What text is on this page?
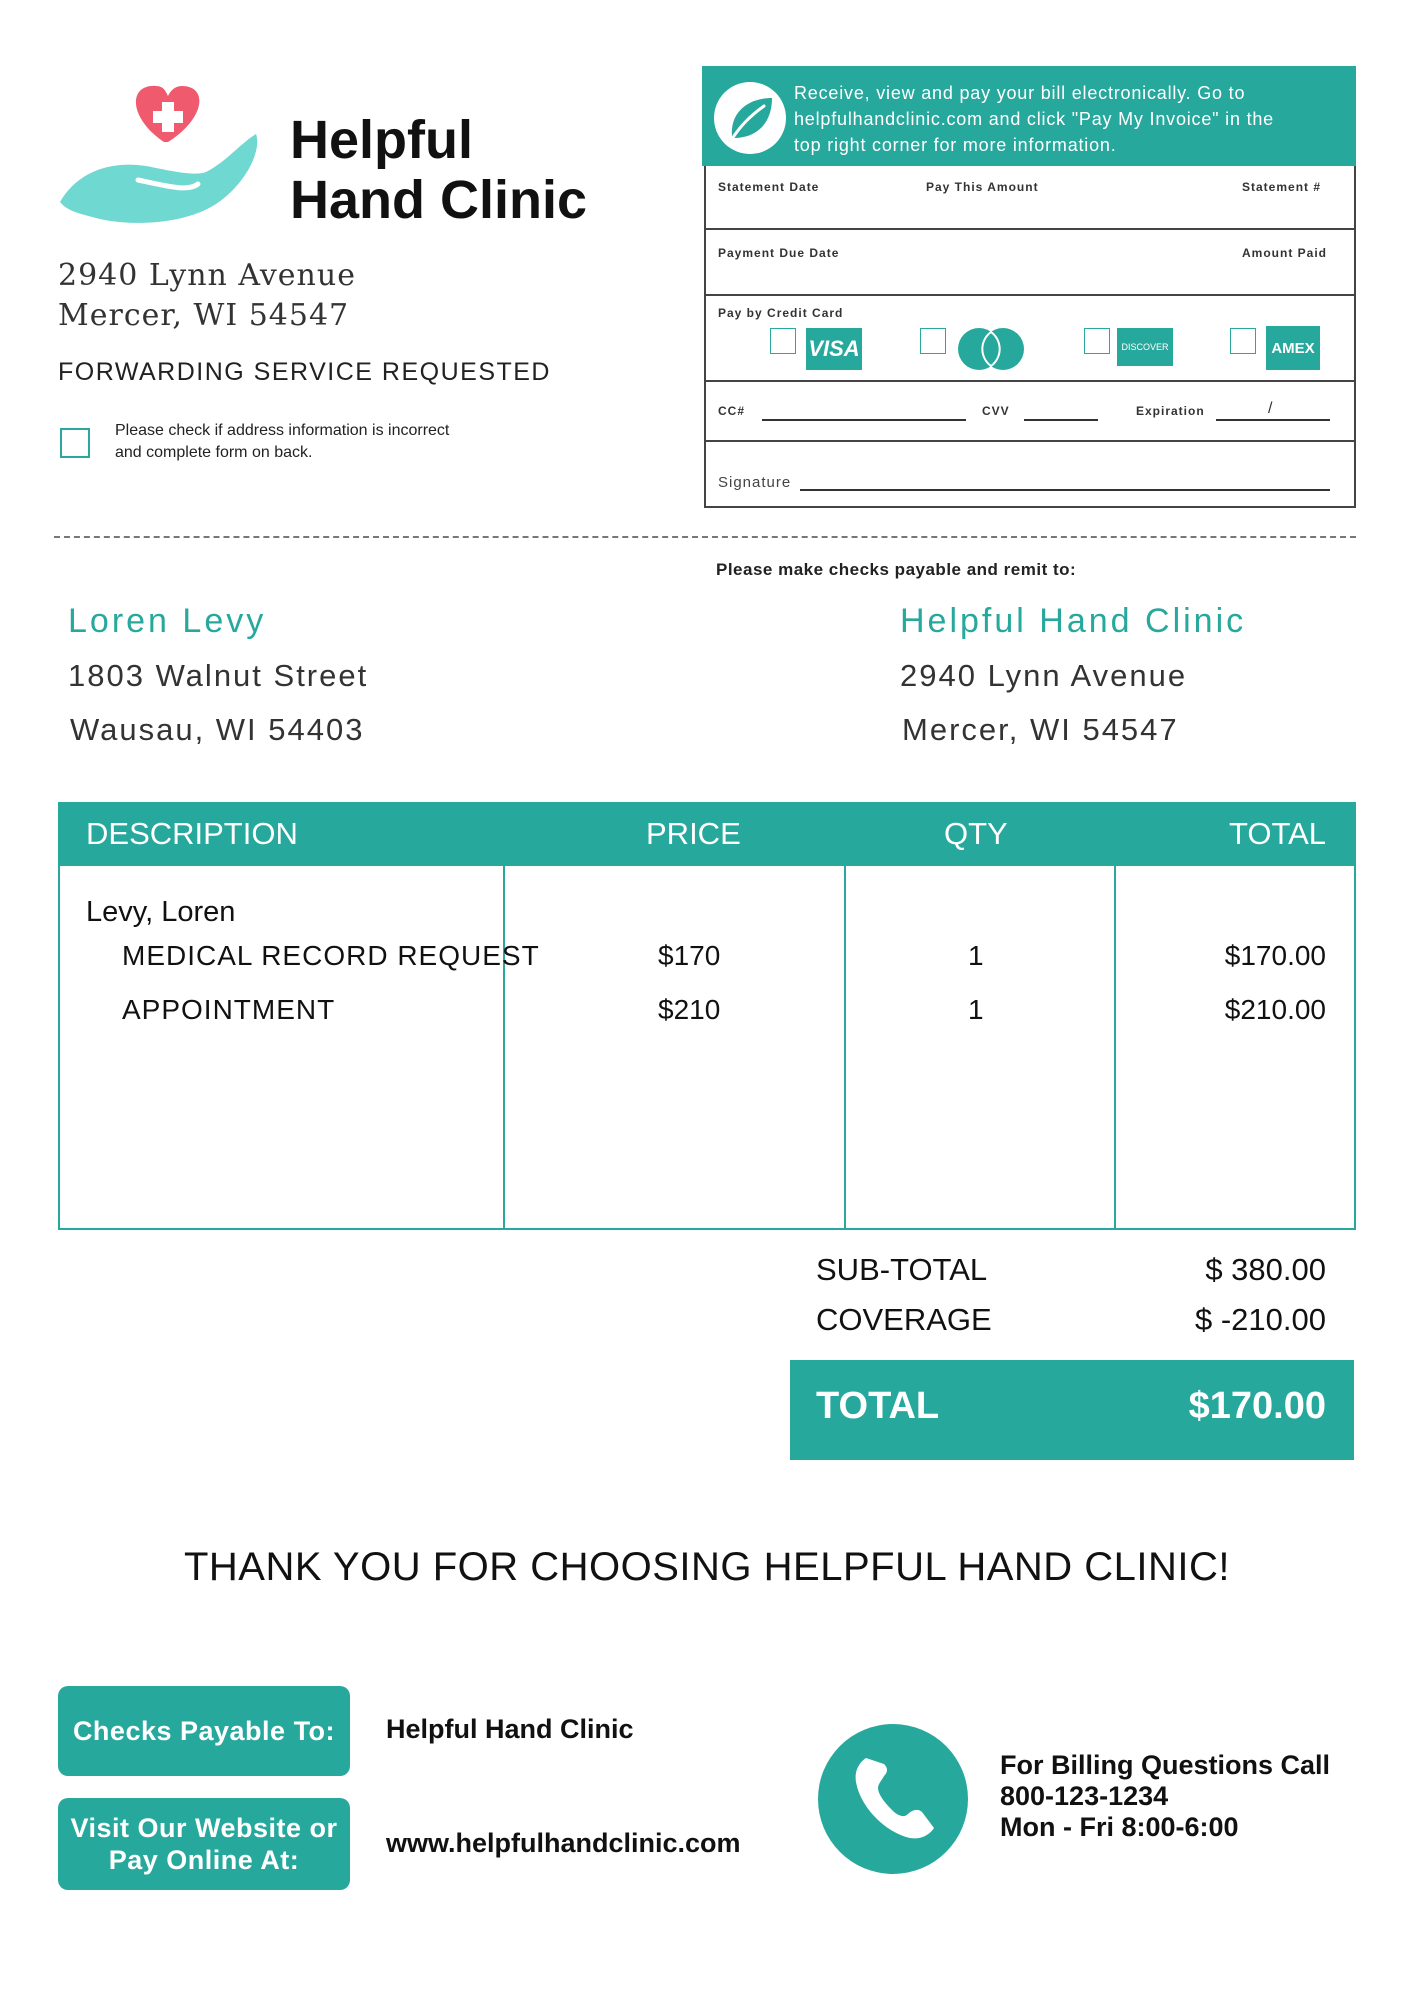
Helpful
Hand Clinic
2940 Lynn Avenue
Mercer, WI 54547
FORWARDING SERVICE REQUESTED
Please check if address information is incorrect
and complete form on back.
Receive, view and pay your bill electronically. Go to
helpfulhandclinic.com and click "Pay My Invoice" in the
top right corner for more information.
Statement Date	Pay This Amount	Statement #
Payment Due Date	Amount Paid
Pay by Credit Card
VISA	DISCOVER	AMEX
CC#	CVV	Expiration	/
Signature
Please make checks payable and remit to:
Loren Levy
1803 Walnut Street
Wausau, WI 54403
Helpful Hand Clinic
2940 Lynn Avenue
Mercer, WI 54547
DESCRIPTION	PRICE	QTY	TOTAL
Levy, Loren
MEDICAL RECORD REQUEST	$170	1	$170.00
APPOINTMENT	$210	1	$210.00
SUB-TOTAL	$ 380.00
COVERAGE	$ -210.00
TOTAL	$170.00
THANK YOU FOR CHOOSING HELPFUL HAND CLINIC!
Checks Payable To:	Helpful Hand Clinic
Visit Our Website or
Pay Online At:
www.helpfulhandclinic.com
For Billing Questions Call
800-123-1234
Mon - Fri 8:00-6:00
